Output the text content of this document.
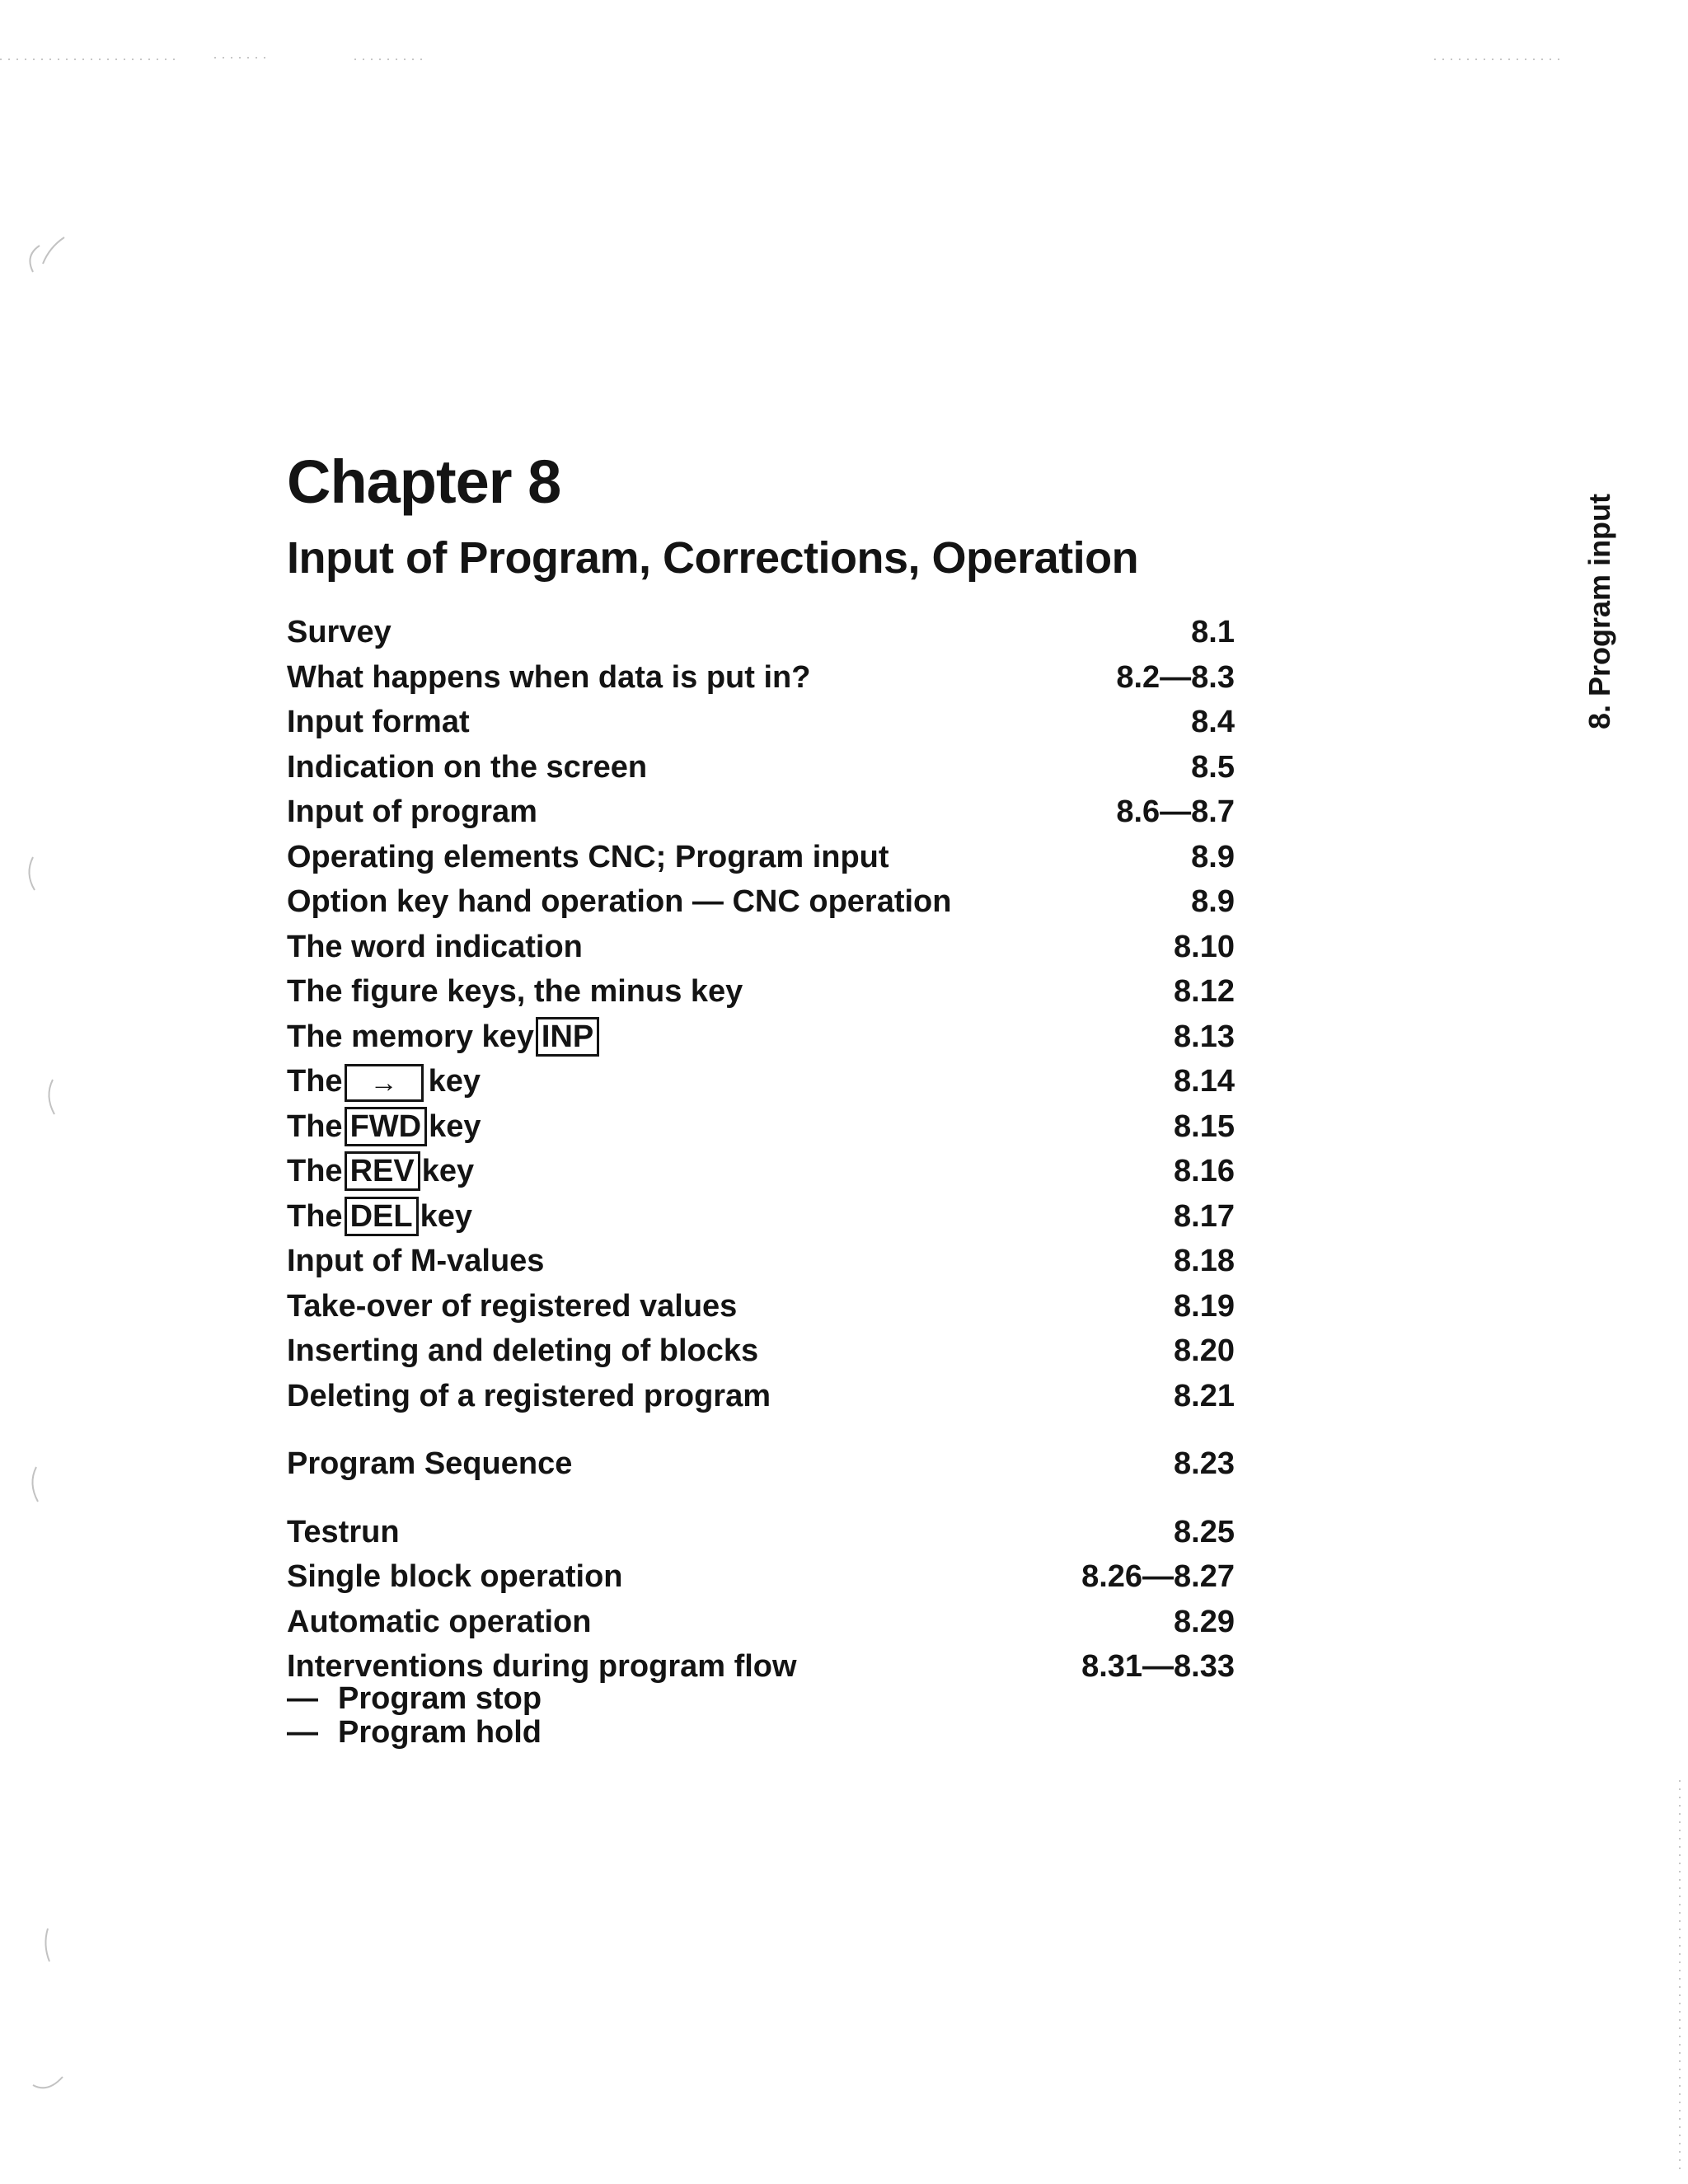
Chapter 8
Input of Program, Corrections, Operation	8. Program input
Survey	8.1
What happens when data is put in?	8.2—8.3
Input format	8.4
Indication on the screen	8.5
Input of program	8.6—8.7
Operating elements CNC; Program input	8.9
Option key hand operation — CNC operation	8.9
The word indication	8.10
The figure keys, the minus key	8.12
The memory key INP	8.13
The → key	8.14
The FWD key	8.15
The REV key	8.16
The DEL key	8.17
Input of M-values	8.18
Take-over of registered values	8.19
Inserting and deleting of blocks	8.20
Deleting of a registered program	8.21
Program Sequence	8.23
Testrun	8.25
Single block operation	8.26—8.27
Automatic operation	8.29
Interventions during program flow	8.31—8.33
— Program stop
— Program hold
